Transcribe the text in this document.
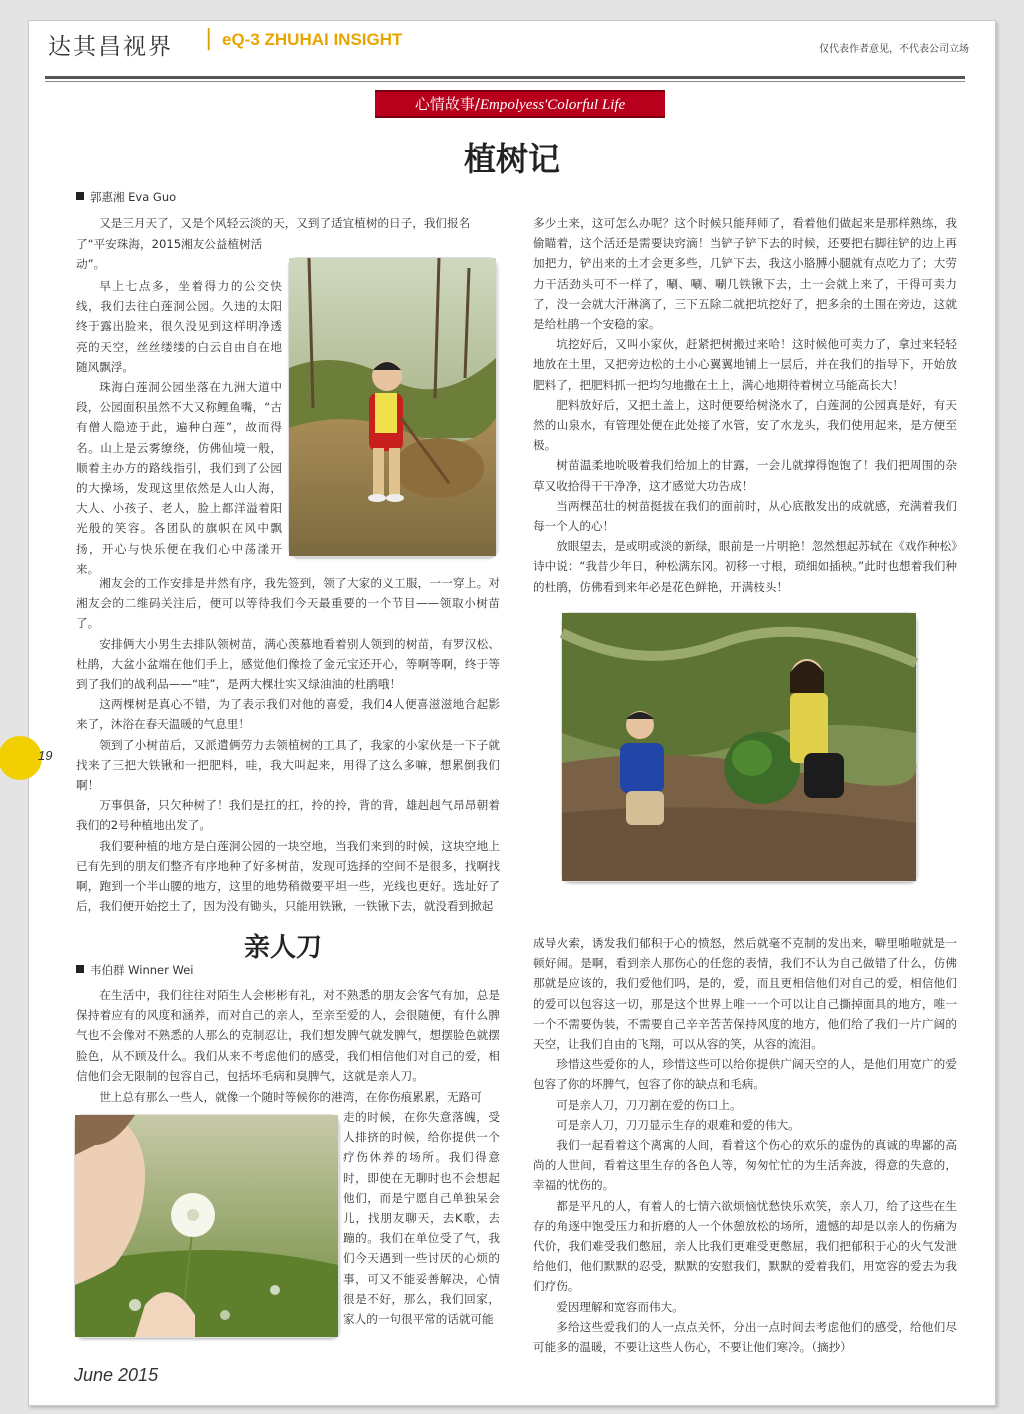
达其昌视界 | eQ-3 ZHUHAI INSIGHT
仅代表作者意见，不代表公司立场
心情故事/Empolyess'Colorful Life
植树记
郭惠湘 Eva Guo

又是三月天了，又是个风轻云淡的天，又到了适宜植树的日子，我们报名

了“平安珠海，2015湘友公益植树活

动”。

早上七点多，坐着得力的公交快线，我们去往白莲洞公园。久违的太阳终于露出脸来，很久没见到这样明净透亮的天空，丝丝缕缕的白云自由自在地随风飘浮。

珠海白莲洞公园坐落在九洲大道中段，公园面积虽然不大又称鲤鱼嘴，“古有僧人隐迹于此，遍种白莲”，故而得名。山上是云雾缭绕，仿佛仙境一般，顺着主办方的路线指引，我们到了公园的大操场，发现这里依然是人山人海，大人、小孩子、老人，脸上都洋溢着阳光般的笑容。各团队的旗帜在风中飘扬，开心与快乐便在我们心中荡漾开来。

湘友会的工作安排是井然有序，我先签到，领了大家的义工服，一一穿上。对湘友会的二维码关注后，便可以等待我们今天最重要的一个节目——领取小树苗了。

安排俩大小男生去排队领树苗，满心羡慕地看着别人领到的树苗，有罗汉松、杜鹃，大盆小盆端在他们手上，感觉他们像捡了金元宝还开心，等啊等啊，终于等到了我们的战利品——“哇”，是两大棵壮实又绿油油的杜鹃哦！

这两棵树是真心不错，为了表示我们对他的喜爱，我们4人便喜滋滋地合起影来了，沐浴在春天温暖的气息里！

领到了小树苗后，又派遣俩劳力去领植树的工具了，我家的小家伙是一下子就找来了三把大铁锹和一把肥料，哇，我大叫起来，用得了这么多嘛，想累倒我们啊！

万事俱备，只欠种树了！我们是扛的扛，拎的拎，背的背，雄赳赳气昂昂朝着我们的2号种植地出发了。

我们要种植的地方是白莲洞公园的一块空地，当我们来到的时候，这块空地上已有先到的朋友们整齐有序地种了好多树苗，发现可选择的空间不是很多，找啊找啊，跑到一个半山腰的地方，这里的地势稍微要平坦一些，光线也更好。选址好了后，我们便开始挖土了，因为没有锄头，只能用铁锹，一铁锹下去，就没看到掀起

多少土来，这可怎么办呢？这个时候只能拜师了，看着他们做起来是那样熟练，我偷瞄着，这个活还是需要诀窍滴！当铲子铲下去的时候，还要把右脚往铲的边上再加把力，铲出来的土才会更多些，几铲下去，我这小胳膊小腿就有点吃力了；大劳力干活劲头可不一样了，唰、唰、唰几铁锹下去，土一会就上来了，干得可卖力了，没一会就大汗淋漓了，三下五除二就把坑挖好了，把多余的土围在旁边，这就是给杜鹃一个安稳的家。

坑挖好后，又叫小家伙，赶紧把树搬过来哈！这时候他可卖力了，拿过来轻轻地放在土里，又把旁边松的土小心翼翼地铺上一层后，并在我们的指导下，开始放肥料了，把肥料抓一把均匀地撒在土上，满心地期待着树立马能高长大！

肥料放好后，又把土盖上，这时便要给树浇水了，白莲洞的公园真是好，有天然的山泉水，有管理处便在此处接了水管，安了水龙头，我们使用起来，是方便至极。

树苗温柔地吮吸着我们给加上的甘露，一会儿就撑得饱饱了！我们把周围的杂草又收拾得干干净净，这才感觉大功告成！

当两棵茁壮的树苗挺拔在我们的面前时，从心底散发出的成就感，充满着我们每一个人的心！

放眼望去，是或明或淡的新绿，眼前是一片明艳！忽然想起苏轼在《戏作种松》诗中说：“我昔少年日，种松满东冈。初移一寸根，琐细如插秧。”此时也想着我们种的杜鹃，仿佛看到来年必是花色鲜艳，开满枝头！

亲人刀
韦伯群 Winner Wei

在生活中，我们往往对陌生人会彬彬有礼，对不熟悉的朋友会客气有加，总是保持着应有的风度和涵养，而对自己的亲人，至亲至爱的人，会很随便，有什么脾气也不会像对不熟悉的人那么的克制忍让，我们想发脾气就发脾气，想摆脸色就摆脸色，从不顾及什么。我们从来不考虑他们的感受，我们相信他们对自己的爱，相信他们会无限制的包容自己，包括坏毛病和臭脾气，这就是亲人刀。

世上总有那么一些人，就像一个随时等候你的港湾，在你伤痕累累，无路可

走的时候，在你失意落魄，受人排挤的时候，给你提供一个疗伤休养的场所。我们得意时，即使在无聊时也不会想起他们，而是宁愿自己单独呆会儿，找朋友聊天，去K歌，去蹦的。我们在单位受了气，我们今天遇到一些讨厌的心烦的事，可又不能妥善解决，心情很是不好，那么，我们回家，家人的一句很平常的话就可能

成导火索，诱发我们郁积于心的愤怒，然后就毫不克制的发出来，噼里啪啦就是一顿好闹。是啊，看到亲人那伤心的任您的表情，我们不认为自己做错了什么，仿佛那就是应该的，我们爱他们吗，是的，爱，而且更相信他们对自己的爱，相信他们的爱可以包容这一切，那是这个世界上唯一一个可以让自己撕掉面具的地方，唯一一个不需要伪装，不需要自己辛辛苦苦保持风度的地方，他们给了我们一片广阔的天空，让我们自由的飞翔，可以从容的笑，从容的流泪。

珍惜这些爱你的人，珍惜这些可以给你提供广阔天空的人，是他们用宽广的爱包容了你的坏脾气，包容了你的缺点和毛病。

可是亲人刀，刀刀割在爱的伤口上。

可是亲人刀，刀刀显示生存的艰难和爱的伟大。

我们一起看着这个离寓的人间，看着这个伤心的欢乐的虚伪的真诚的卑鄙的高尚的人世间，看着这里生存的各色人等，匆匆忙忙的为生活奔波，得意的失意的，幸福的忧伤的。

都是平凡的人，有着人的七情六欲烦恼忧愁快乐欢笑，亲人刀，给了这些在生存的角逐中饱受压力和折磨的人一个休憩放松的场所，遗憾的却是以亲人的伤痛为代价，我们难受我们憋屈，亲人比我们更难受更憋屈，我们把郁积于心的火气发泄给他们，他们默默的忍受，默默的安慰我们，默默的爱着我们，用宽容的爱去为我们疗伤。

爱因理解和宽容而伟大。

多给这些爱我们的人一点点关怀，分出一点时间去考虑他们的感受，给他们尽可能多的温暖，不要让这些人伤心，不要让他们寒冷。（摘抄）

19
June 2015
